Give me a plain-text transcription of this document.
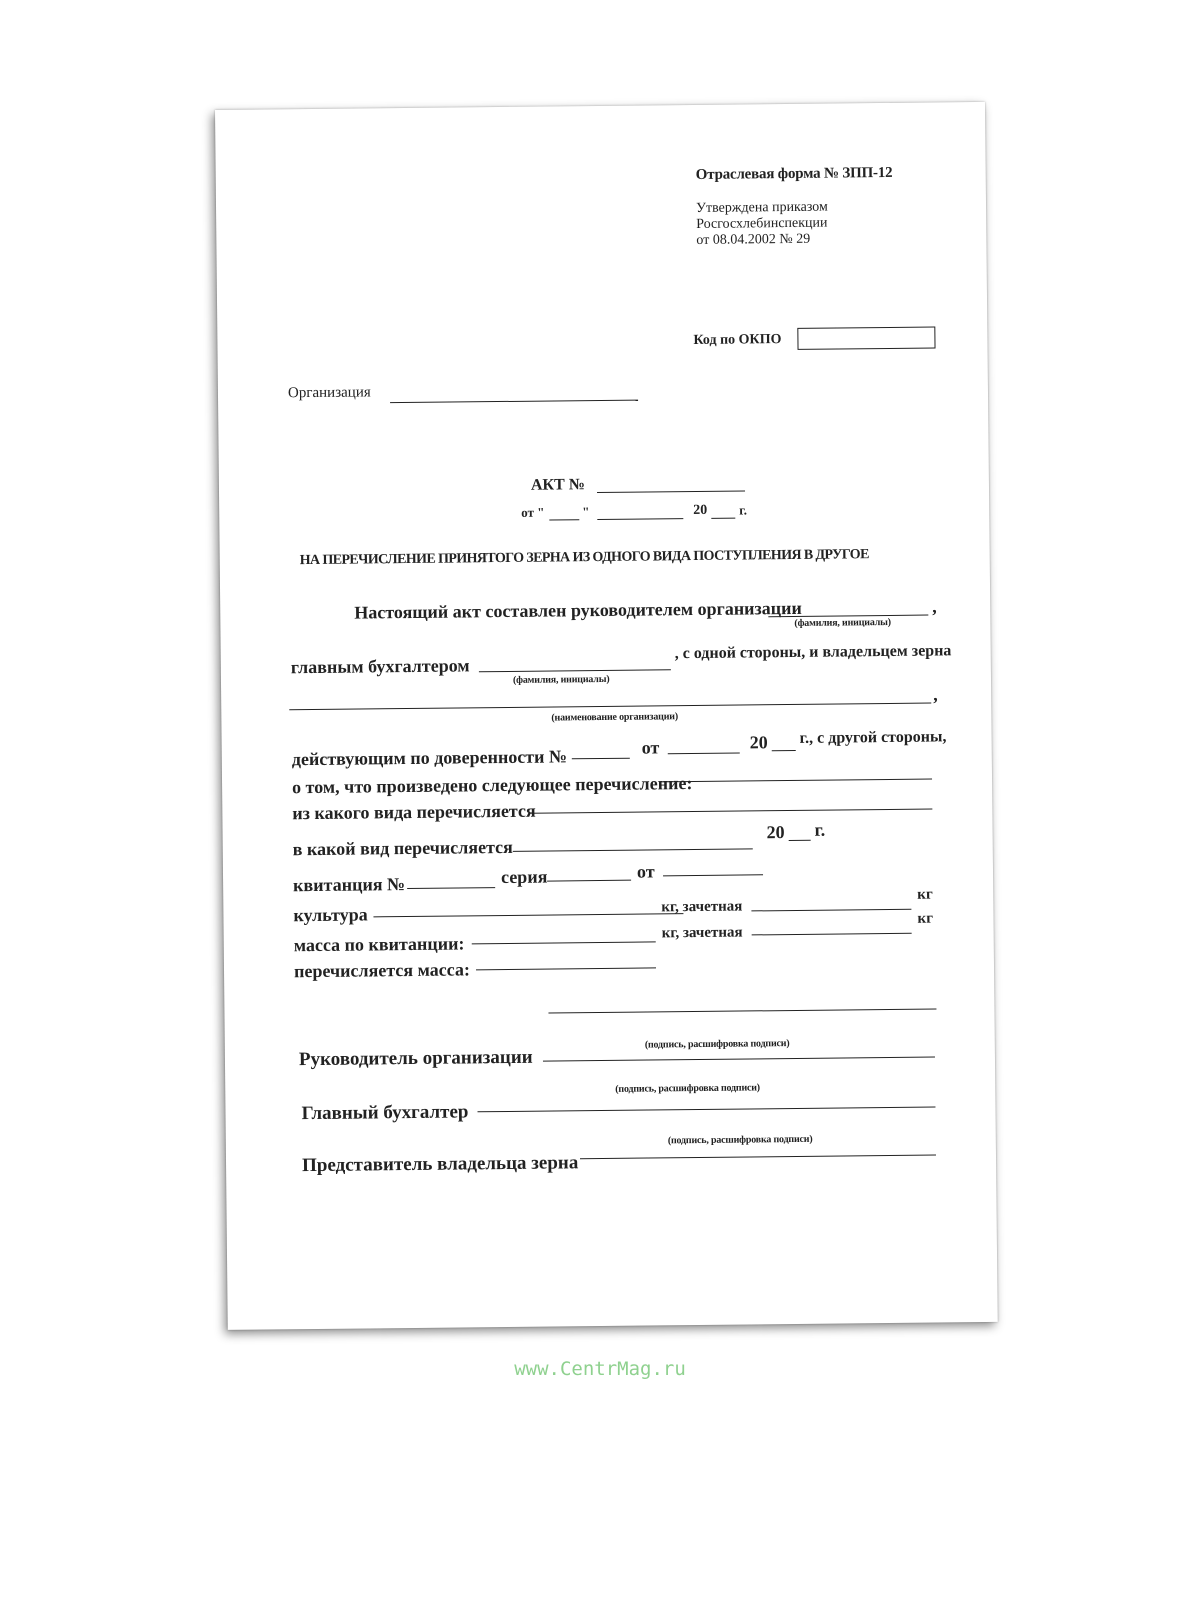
Отраслевая форма № ЗПП-12
Утверждена приказом
Росгосхлебинспекции
от 08.04.2002 № 29
Код по ОКПО
Организация
АКТ №
от "	"	20 г.
НА ПЕРЕЧИСЛЕНИЕ ПРИНЯТОГО ЗЕРНА ИЗ ОДНОГО ВИДА ПОСТУПЛЕНИЯ В ДРУГОЕ
Настоящий акт составлен руководителем организации	,
(фамилия, инициалы)
главным бухгалтером
, с одной стороны, и владельцем зерна
(фамилия, инициалы)
,
(наименование организации)
действующим по доверенности №	от	20 г., с другой стороны,
о том, что произведено следующее перечисление:
из какого вида перечисляется
в какой вид перечисляется
20 г.
квитанция №	серия	от
культура
масса по квитанции:
кг, зачетная
кг
перечисляется масса:
кг, зачетная
кг
Руководитель организации
(подпись, расшифровка подписи)
Главный бухгалтер
(подпись, расшифровка подписи)
Представитель владельца зерна
(подпись, расшифровка подписи)
www.CentrMag.ru
